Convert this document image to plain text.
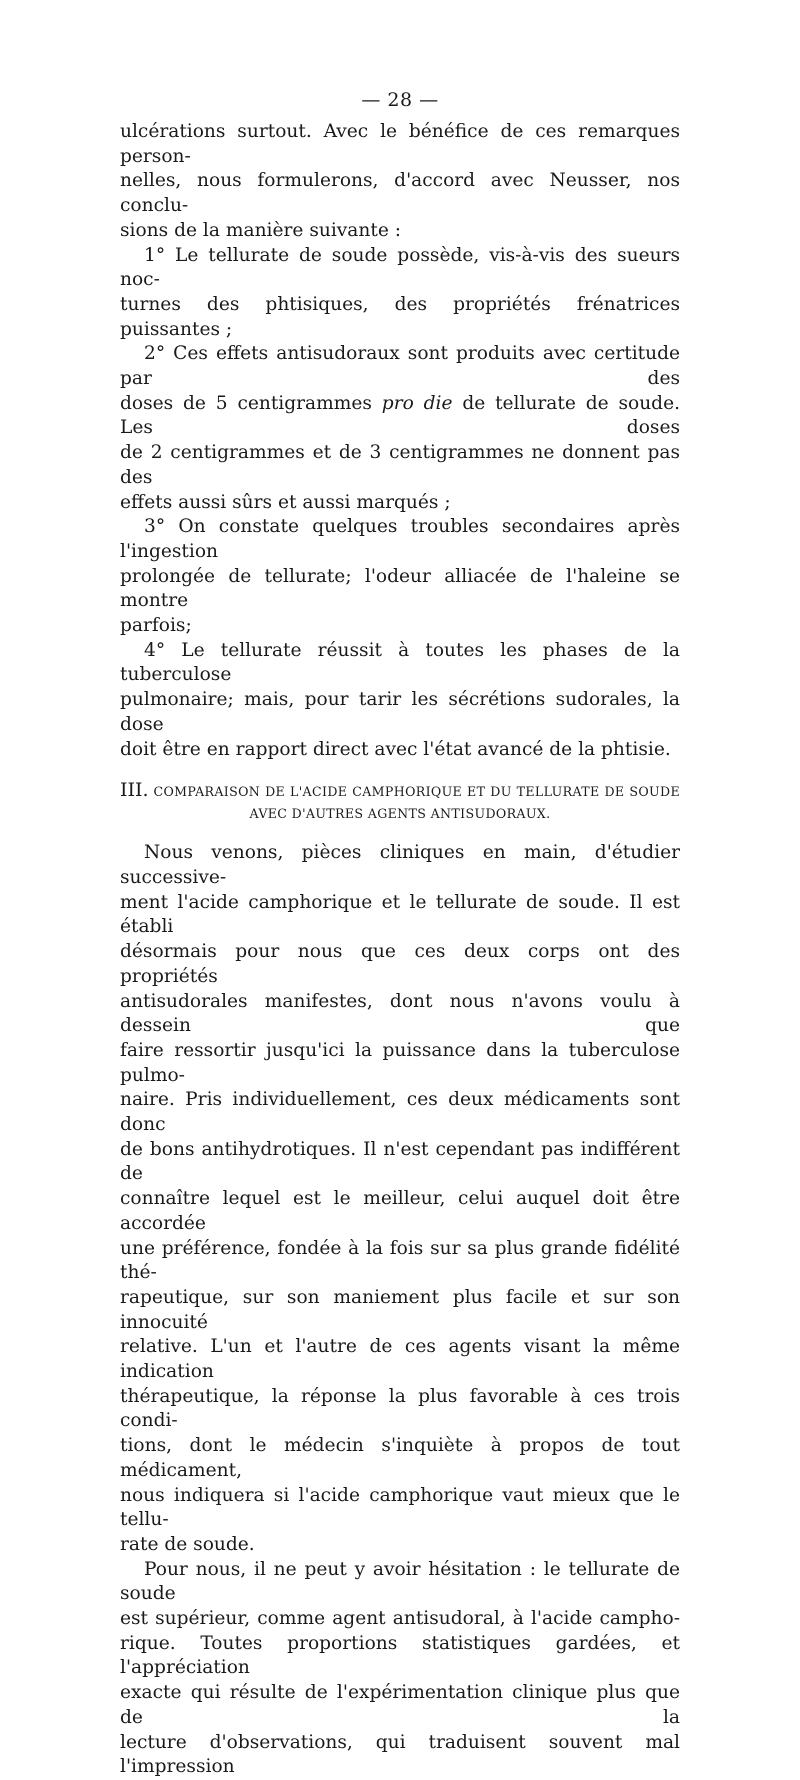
— 28 —

ulcérations surtout. Avec le bénéfice de ces remarques person-

nelles, nous formulerons, d'accord avec Neusser, nos conclu-

sions de la manière suivante :

1° Le tellurate de soude possède, vis-à-vis des sueurs noc-

turnes des phtisiques, des propriétés frénatrices puissantes ;

2° Ces effets antisudoraux sont produits avec certitude par des

doses de 5 centigrammes pro die de tellurate de soude. Les doses

de 2 centigrammes et de 3 centigrammes ne donnent pas des

effets aussi sûrs et aussi marqués ;

3° On constate quelques troubles secondaires après l'ingestion

prolongée de tellurate; l'odeur alliacée de l'haleine se montre

parfois;

4° Le tellurate réussit à toutes les phases de la tuberculose

pulmonaire; mais, pour tarir les sécrétions sudorales, la dose

doit être en rapport direct avec l'état avancé de la phtisie.

III. COMPARAISON DE L'ACIDE CAMPHORIQUE ET DU TELLURATE DE SOUDE
AVEC D'AUTRES AGENTS ANTISUDORAUX.

Nous venons, pièces cliniques en main, d'étudier successive-

ment l'acide camphorique et le tellurate de soude. Il est établi

désormais pour nous que ces deux corps ont des propriétés

antisudorales manifestes, dont nous n'avons voulu à dessein que

faire ressortir jusqu'ici la puissance dans la tuberculose pulmo-

naire. Pris individuellement, ces deux médicaments sont donc

de bons antihydrotiques. Il n'est cependant pas indifférent de

connaître lequel est le meilleur, celui auquel doit être accordée

une préférence, fondée à la fois sur sa plus grande fidélité thé-

rapeutique, sur son maniement plus facile et sur son innocuité

relative. L'un et l'autre de ces agents visant la même indication

thérapeutique, la réponse la plus favorable à ces trois condi-

tions, dont le médecin s'inquiète à propos de tout médicament,

nous indiquera si l'acide camphorique vaut mieux que le tellu-

rate de soude.

Pour nous, il ne peut y avoir hésitation : le tellurate de soude

est supérieur, comme agent antisudoral, à l'acide campho-

rique. Toutes proportions statistiques gardées, et l'appréciation

exacte qui résulte de l'expérimentation clinique plus que de la

lecture d'observations, qui traduisent souvent mal l'impression
